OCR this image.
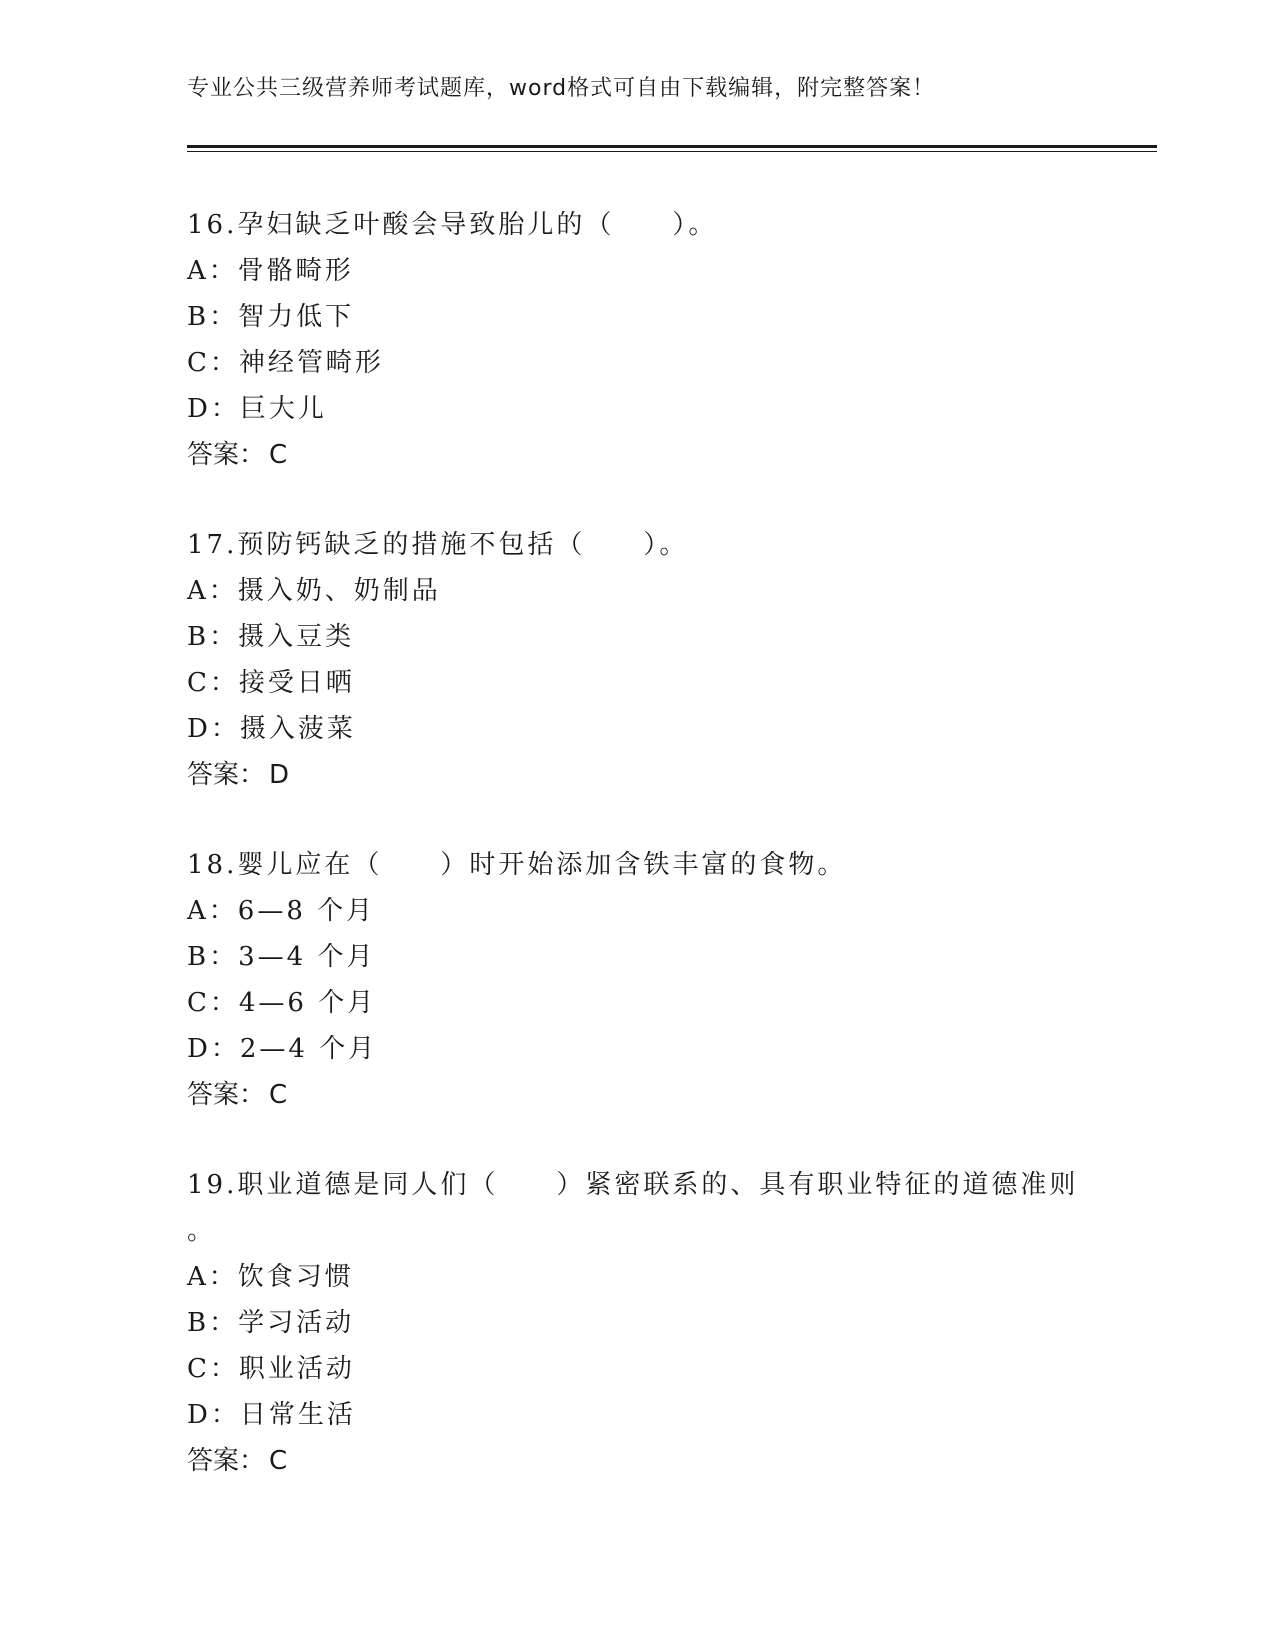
专业公共三级营养师考试题库，word格式可自由下载编辑，附完整答案！
16.孕妇缺乏叶酸会导致胎儿的（　　）。
A：骨骼畸形
B：智力低下
C：神经管畸形
D：巨大儿
答案： C
17.预防钙缺乏的措施不包括（　　）。
A：摄入奶、奶制品
B：摄入豆类
C：接受日晒
D：摄入菠菜
答案： D
18.婴儿应在（　　）时开始添加含铁丰富的食物。
A：6—8 个月
B：3—4 个月
C：4—6 个月
D：2—4 个月
答案： C
19.职业道德是同人们（　　）紧密联系的、具有职业特征的道德准则
。
A：饮食习惯
B：学习活动
C：职业活动
D：日常生活
答案： C
